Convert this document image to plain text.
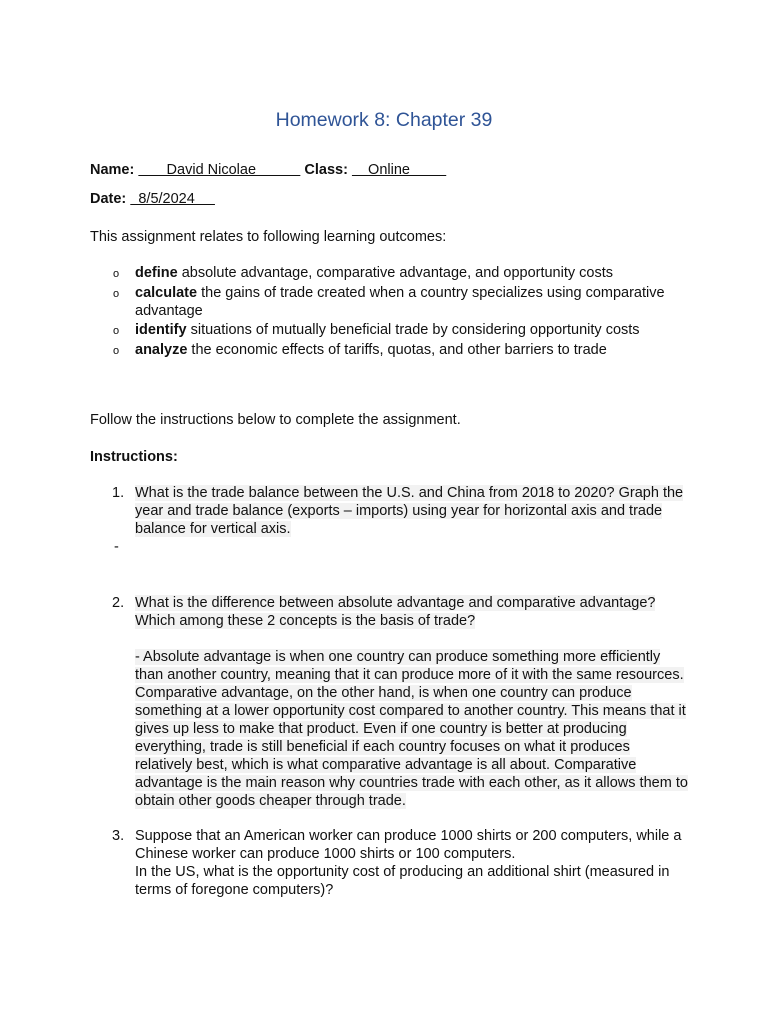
Homework 8: Chapter 39
Name:        David Nicolae            Class:     Online
Date:   8/5/2024
This assignment relates to following learning outcomes:
o define absolute advantage, comparative advantage, and opportunity costs
o calculate the gains of trade created when a country specializes using comparative advantage
o identify situations of mutually beneficial trade by considering opportunity costs
o analyze the economic effects of tariffs, quotas, and other barriers to trade
Follow the instructions below to complete the assignment.
Instructions:
1. What is the trade balance between the U.S. and China from 2018 to 2020? Graph the year and trade balance (exports – imports) using year for horizontal axis and trade balance for vertical axis.
-
2. What is the difference between absolute advantage and comparative advantage? Which among these 2 concepts is the basis of trade?
- Absolute advantage is when one country can produce something more efficiently than another country, meaning that it can produce more of it with the same resources. Comparative advantage, on the other hand, is when one country can produce something at a lower opportunity cost compared to another country. This means that it gives up less to make that product. Even if one country is better at producing everything, trade is still beneficial if each country focuses on what it produces relatively best, which is what comparative advantage is all about. Comparative advantage is the main reason why countries trade with each other, as it allows them to obtain other goods cheaper through trade.
3. Suppose that an American worker can produce 1000 shirts or 200 computers, while a Chinese worker can produce 1000 shirts or 100 computers.
In the US, what is the opportunity cost of producing an additional shirt (measured in terms of foregone computers)?
